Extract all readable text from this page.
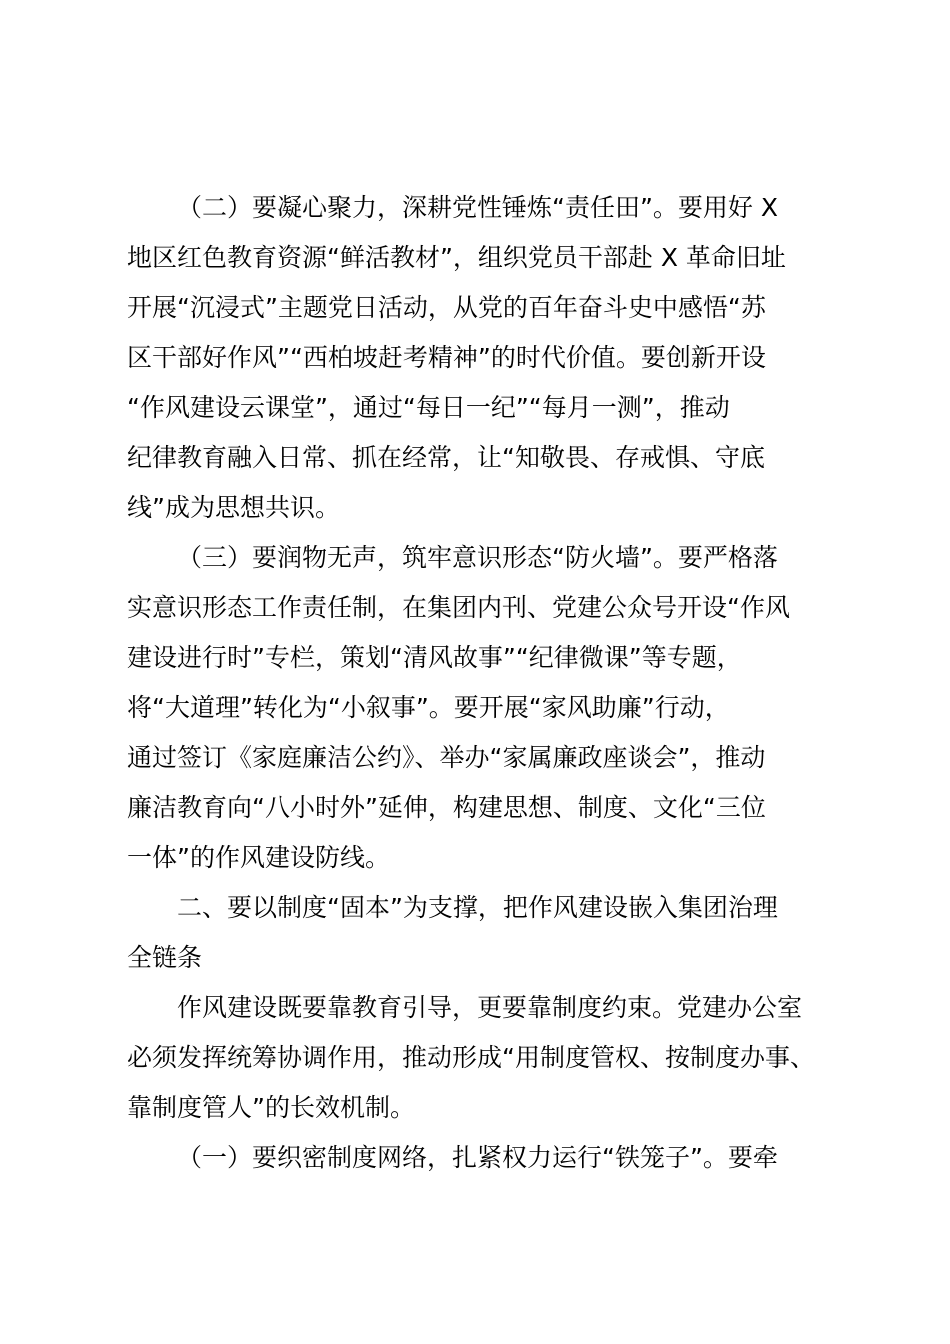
（二）要凝心聚力，深耕党性锤炼“责任田”。要用好 X
地区红色教育资源“鲜活教材”，组织党员干部赴 X 革命旧址
开展“沉浸式”主题党日活动，从党的百年奋斗史中感悟“苏
区干部好作风”“西柏坡赶考精神”的时代价值。要创新开设
“作风建设云课堂”，通过“每日一纪”“每月一测”，推动
纪律教育融入日常、抓在经常，让“知敬畏、存戒惧、守底
线”成为思想共识。
（三）要润物无声，筑牢意识形态“防火墙”。要严格落
实意识形态工作责任制，在集团内刊、党建公众号开设“作风
建设进行时”专栏，策划“清风故事”“纪律微课”等专题，
将“大道理”转化为“小叙事”。要开展“家风助廉”行动，
通过签订《家庭廉洁公约》、举办“家属廉政座谈会”，推动
廉洁教育向“八小时外”延伸，构建思想、制度、文化“三位
一体”的作风建设防线。
二、要以制度“固本”为支撑，把作风建设嵌入集团治理
全链条
作风建设既要靠教育引导，更要靠制度约束。党建办公室
必须发挥统筹协调作用，推动形成“用制度管权、按制度办事、
靠制度管人”的长效机制。
（一）要织密制度网络，扎紧权力运行“铁笼子”。要牵
